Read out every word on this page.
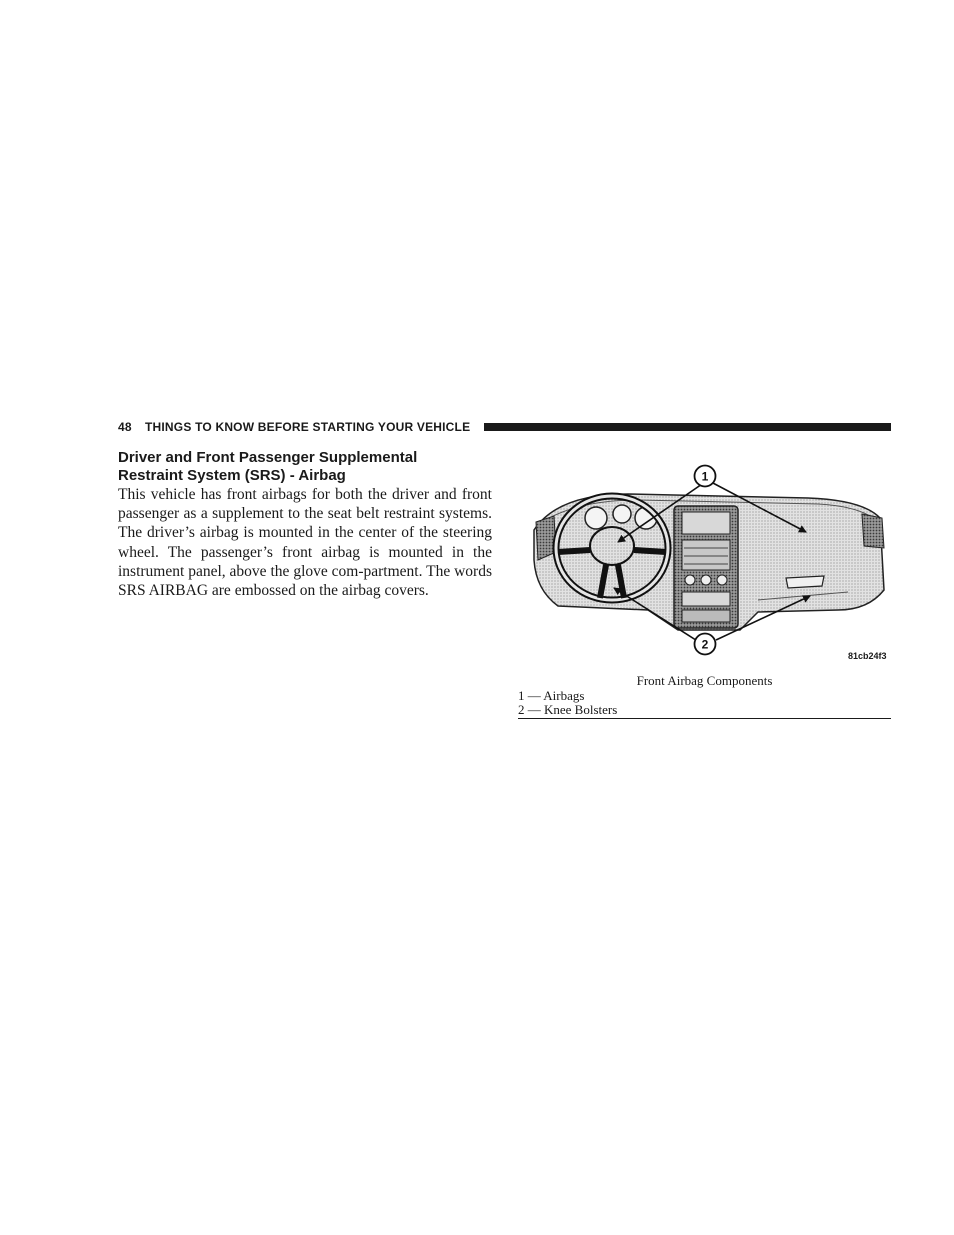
48 THINGS TO KNOW BEFORE STARTING YOUR VEHICLE
Driver and Front Passenger Supplemental
Restraint System (SRS) - Airbag

This vehicle has front airbags for both the driver and front passenger as a supplement to the seat belt restraint systems. The driver’s airbag is mounted in the center of the steering wheel. The passenger’s front airbag is mounted in the instrument panel, above the glove com-partment. The words SRS AIRBAG are embossed on the airbag covers.

1
2
81cb24f3
Front Airbag Components
1 — Airbags
2 — Knee Bolsters
